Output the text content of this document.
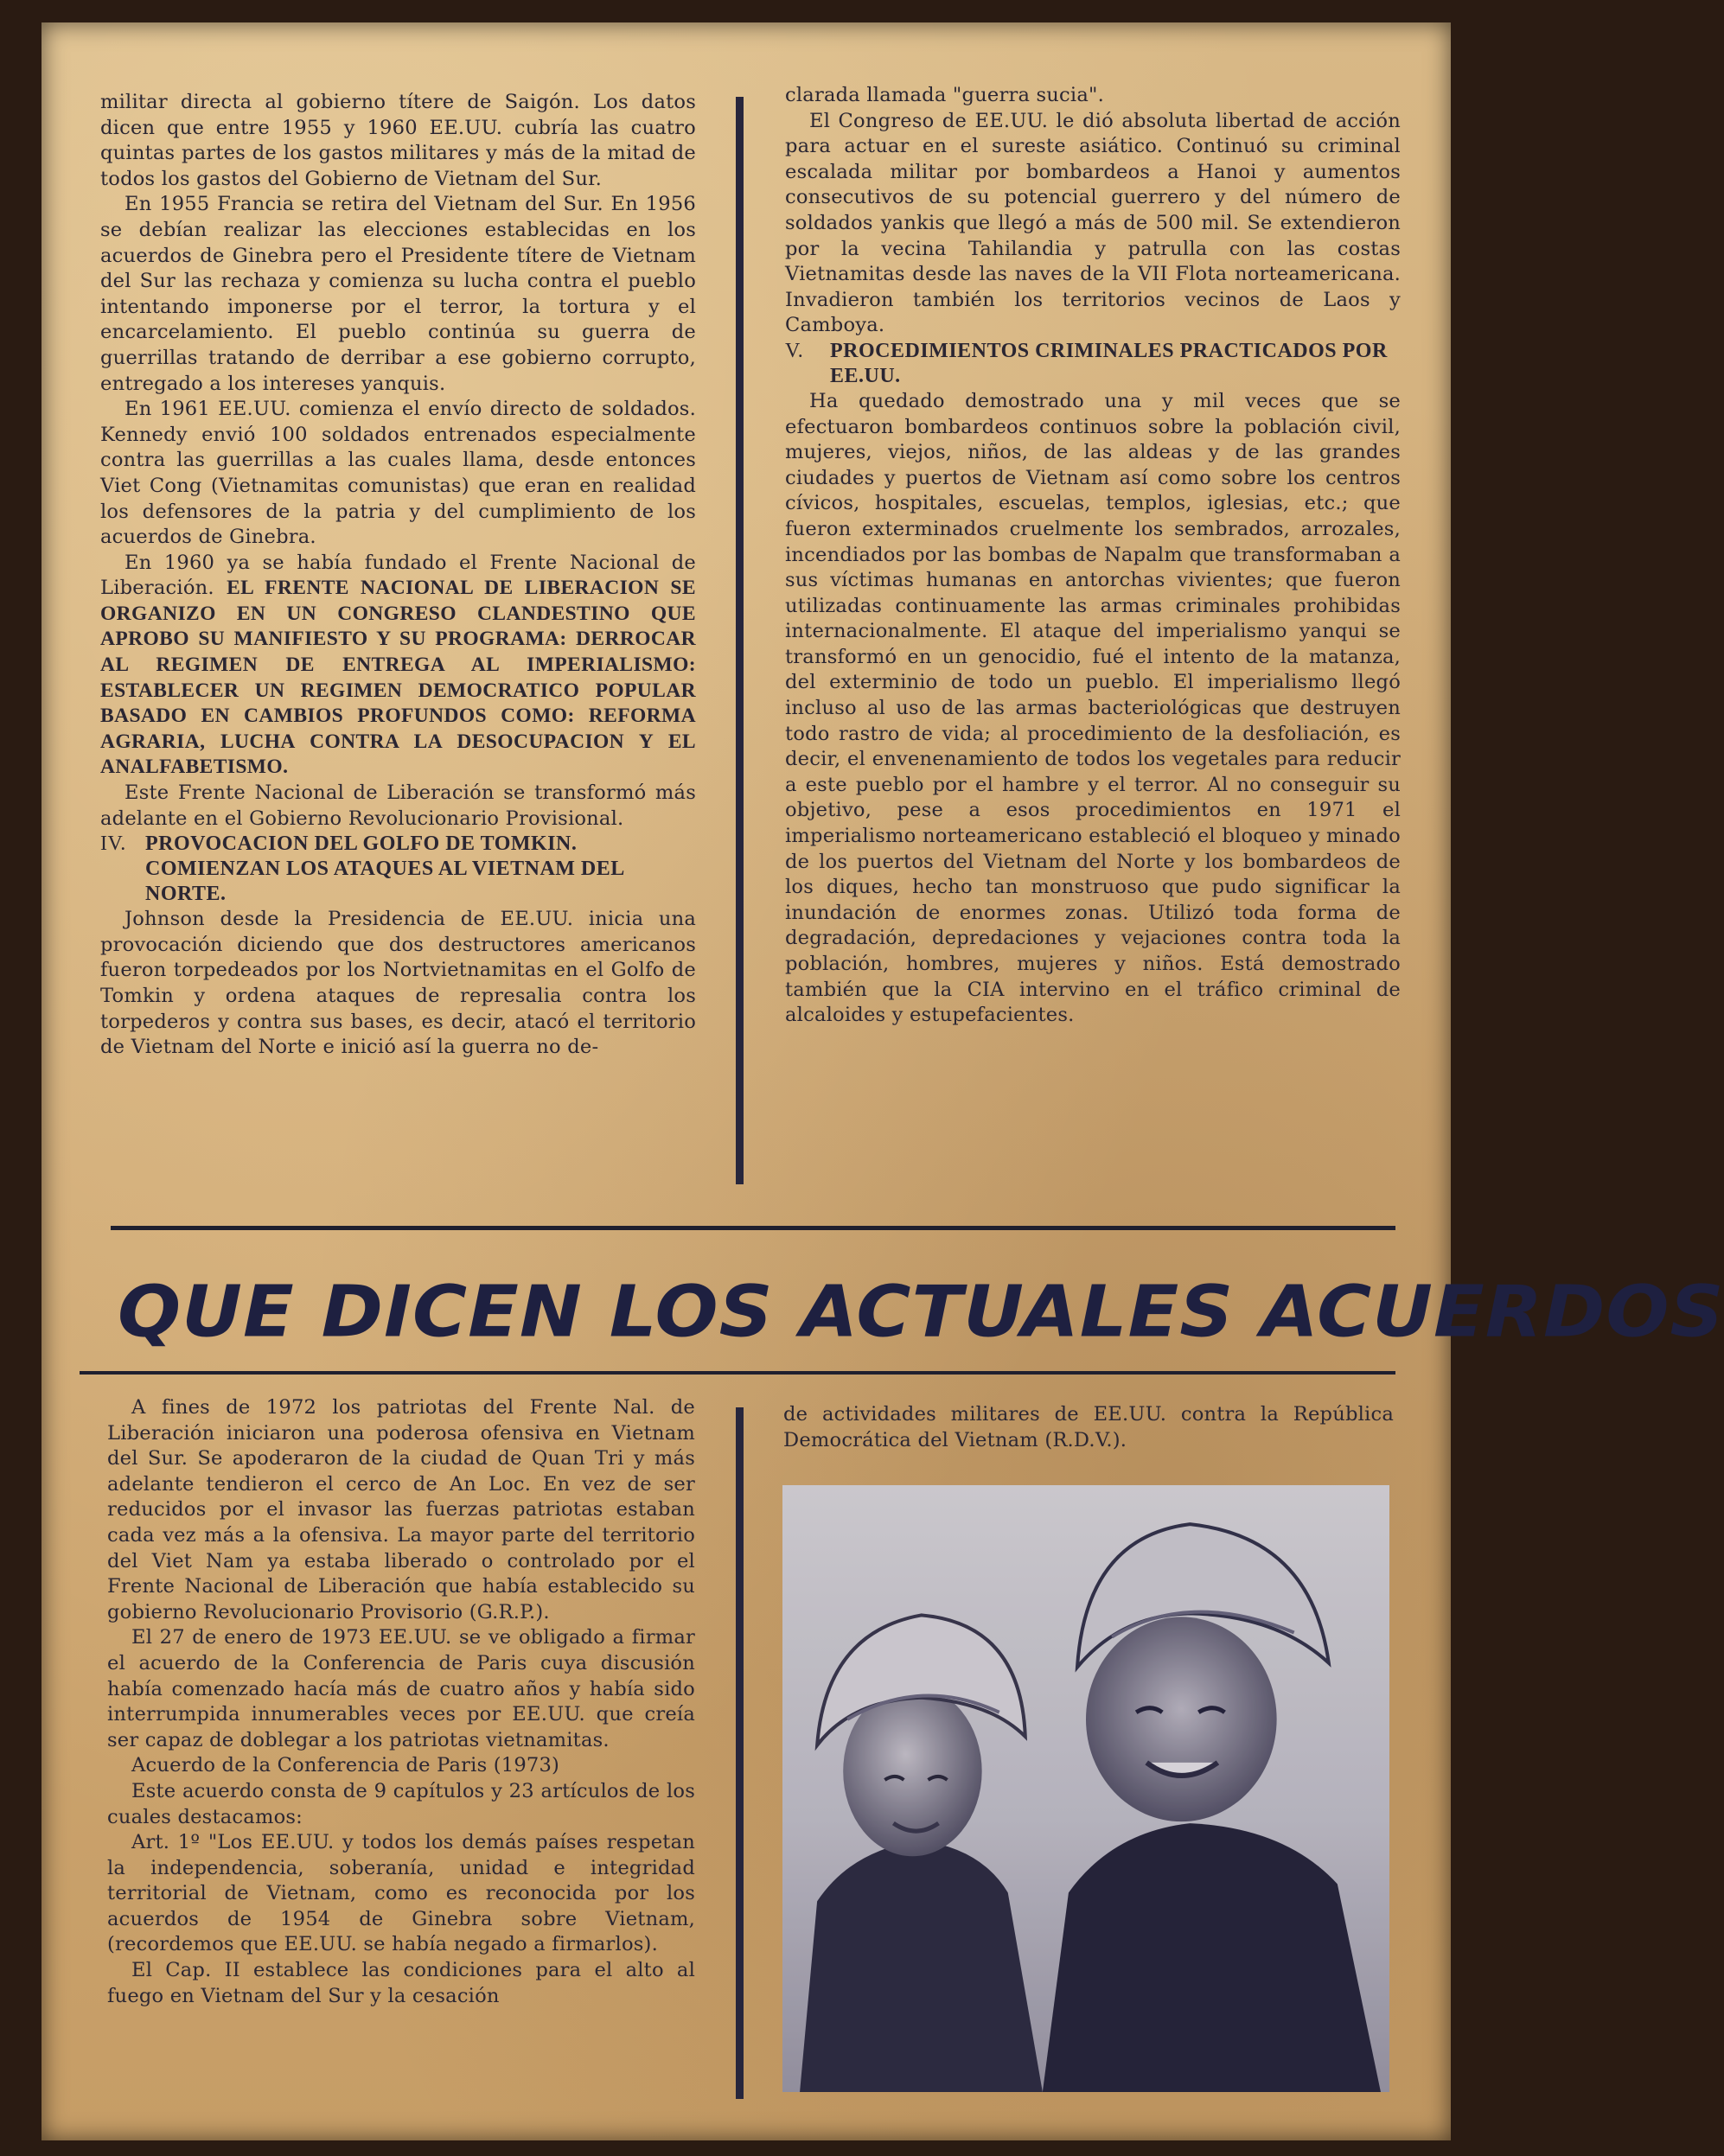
militar directa al gobierno títere de Saigón. Los datos dicen que entre 1955 y 1960 EE.UU. cubría las cuatro quintas partes de los gastos militares y más de la mitad de todos los gastos del Gobierno de Vietnam del Sur.

En 1955 Francia se retira del Vietnam del Sur. En 1956 se debían realizar las elecciones establecidas en los acuerdos de Ginebra pero el Presidente títere de Vietnam del Sur las rechaza y comienza su lucha contra el pueblo intentando imponerse por el terror, la tortura y el encarcelamiento. El pueblo continúa su guerra de guerrillas tratando de derribar a ese gobierno corrupto, entregado a los intereses yanquis.

En 1961 EE.UU. comienza el envío directo de soldados. Kennedy envió 100 soldados entrenados especialmente contra las guerrillas a las cuales llama, desde entonces Viet Cong (Vietnamitas comunistas) que eran en realidad los defensores de la patria y del cumplimiento de los acuerdos de Ginebra.

En 1960 ya se había fundado el Frente Nacional de Liberación. EL FRENTE NACIONAL DE LIBERACION SE ORGANIZO EN UN CONGRESO CLANDESTINO QUE APROBO SU MANIFIESTO Y SU PROGRAMA: DERROCAR AL REGIMEN DE ENTREGA AL IMPERIALISMO: ESTABLECER UN REGIMEN DEMOCRATICO POPULAR BASADO EN CAMBIOS PROFUNDOS COMO: REFORMA AGRARIA, LUCHA CONTRA LA DESOCUPACION Y EL ANALFABETISMO.

Este Frente Nacional de Liberación se transformó más adelante en el Gobierno Revolucionario Provisional.

IV. PROVOCACION DEL GOLFO DE TOMKIN. COMIENZAN LOS ATAQUES AL VIETNAM DEL NORTE.

Johnson desde la Presidencia de EE.UU. inicia una provocación diciendo que dos destructores americanos fueron torpedeados por los Nortvietnamitas en el Golfo de Tomkin y ordena ataques de represalia contra los torpederos y contra sus bases, es decir, atacó el territorio de Vietnam del Norte e inició así la guerra no de-

clarada llamada "guerra sucia".

El Congreso de EE.UU. le dió absoluta libertad de acción para actuar en el sureste asiático. Continuó su criminal escalada militar por bombardeos a Hanoi y aumentos consecutivos de su potencial guerrero y del número de soldados yankis que llegó a más de 500 mil. Se extendieron por la vecina Tahilandia y patrulla con las costas Vietnamitas desde las naves de la VII Flota norteamericana. Invadieron también los territorios vecinos de Laos y Camboya.

V.	PROCEDIMIENTOS CRIMINALES PRACTICADOS POR EE.UU.

Ha quedado demostrado una y mil veces que se efectuaron bombardeos continuos sobre la población civil, mujeres, viejos, niños, de las aldeas y de las grandes ciudades y puertos de Vietnam así como sobre los centros cívicos, hospitales, escuelas, templos, iglesias, etc.; que fueron exterminados cruelmente los sembrados, arrozales, incendiados por las bombas de Napalm que transformaban a sus víctimas humanas en antorchas vivientes; que fueron utilizadas continuamente las armas criminales prohibidas internacionalmente. El ataque del imperialismo yanqui se transformó en un genocidio, fué el intento de la matanza, del exterminio de todo un pueblo. El imperialismo llegó incluso al uso de las armas bacteriológicas que destruyen todo rastro de vida; al procedimiento de la desfoliación, es decir, el envenenamiento de todos los vegetales para reducir a este pueblo por el hambre y el terror. Al no conseguir su objetivo, pese a esos procedimientos en 1971 el imperialismo norteamericano estableció el bloqueo y minado de los puertos del Vietnam del Norte y los bombardeos de los diques, hecho tan monstruoso que pudo significar la inundación de enormes zonas. Utilizó toda forma de degradación, depredaciones y vejaciones contra toda la población, hombres, mujeres y niños. Está demostrado también que la CIA intervino en el tráfico criminal de alcaloides y estupefacientes.

QUE DICEN LOS ACTUALES ACUERDOS

A fines de 1972 los patriotas del Frente Nal. de Liberación iniciaron una poderosa ofensiva en Vietnam del Sur. Se apoderaron de la ciudad de Quan Tri y más adelante tendieron el cerco de An Loc. En vez de ser reducidos por el invasor las fuerzas patriotas estaban cada vez más a la ofensiva. La mayor parte del territorio del Viet Nam ya estaba liberado o controlado por el Frente Nacional de Liberación que había establecido su gobierno Revolucionario Provisorio (G.R.P.).

El 27 de enero de 1973 EE.UU. se ve obligado a firmar el acuerdo de la Conferencia de Paris cuya discusión había comenzado hacía más de cuatro años y había sido interrumpida innumerables veces por EE.UU. que creía ser capaz de doblegar a los patriotas vietnamitas.

Acuerdo de la Conferencia de Paris (1973)

Este acuerdo consta de 9 capítulos y 23 artículos de los cuales destacamos:

Art. 1º "Los EE.UU. y todos los demás países respetan la independencia, soberanía, unidad e integridad territorial de Vietnam, como es reconocida por los acuerdos de 1954 de Ginebra sobre Vietnam, (recordemos que EE.UU. se había negado a firmarlos).

El Cap. II establece las condiciones para el alto al fuego en Vietnam del Sur y la cesación

de actividades militares de EE.UU. contra la República Democrática del Vietnam (R.D.V.).
